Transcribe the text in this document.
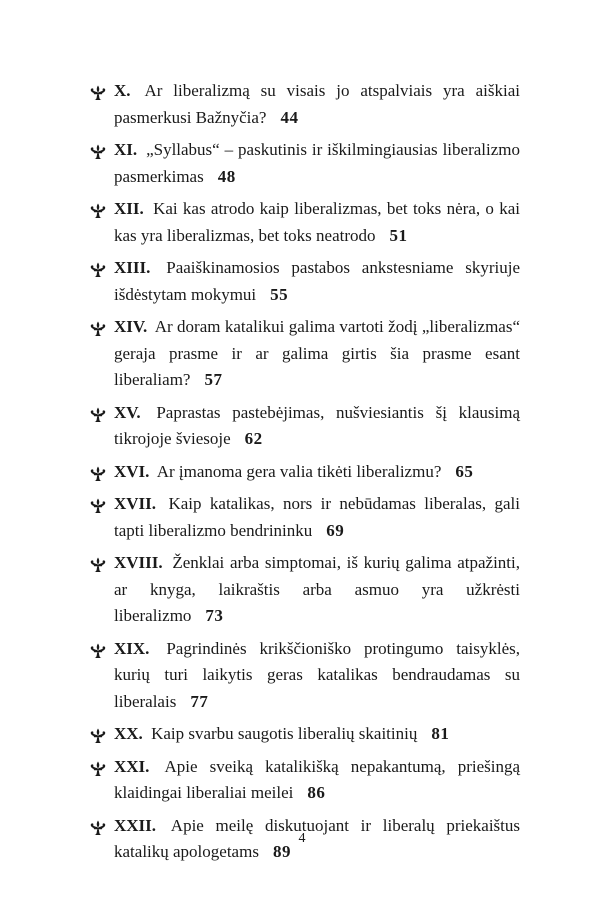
X. Ar liberalizmą su visais jo atspalviais yra aiškiai pasmerkusi Bažnyčia? 44
XI. „Syllabus“ – paskutinis ir iškilmingiausias liberalizmo pasmerkimas 48
XII. Kai kas atrodo kaip liberalizmas, bet toks nėra, o kai kas yra liberalizmas, bet toks neatrodo 51
XIII. Paaiškinamosios pastabos ankstesniame skyriuje išdėstytam mokymui 55
XIV. Ar doram katalikui galima vartoti žodį „liberalizmas“ geraja prasme ir ar galima girtis šia prasme esant liberaliam? 57
XV. Paprastas pastebėjimas, nušviesiantis šį klausimą tikrojoje šviesoje 62
XVI. Ar įmanoma gera valia tikėti liberalizmu? 65
XVII. Kaip katalikas, nors ir nebūdamas liberalas, gali tapti liberalizmo bendrininku 69
XVIII. Ženklai arba simptomai, iš kurių galima atpažinti, ar knyga, laikraštis arba asmuo yra užkrėsti liberalizmo 73
XIX. Pagrindinės krikščioniško protingumo taisyklės, kurių turi laikytis geras katalikas bendraudamas su liberalais 77
XX. Kaip svarbu saugotis liberalių skaitinių 81
XXI. Apie sveiką katalikišką nepakantumą, priešingą klaidingai liberaliai meilei 86
XXII. Apie meilę diskutuojant ir liberalų priekaištus katalikų apologetams 89
4
